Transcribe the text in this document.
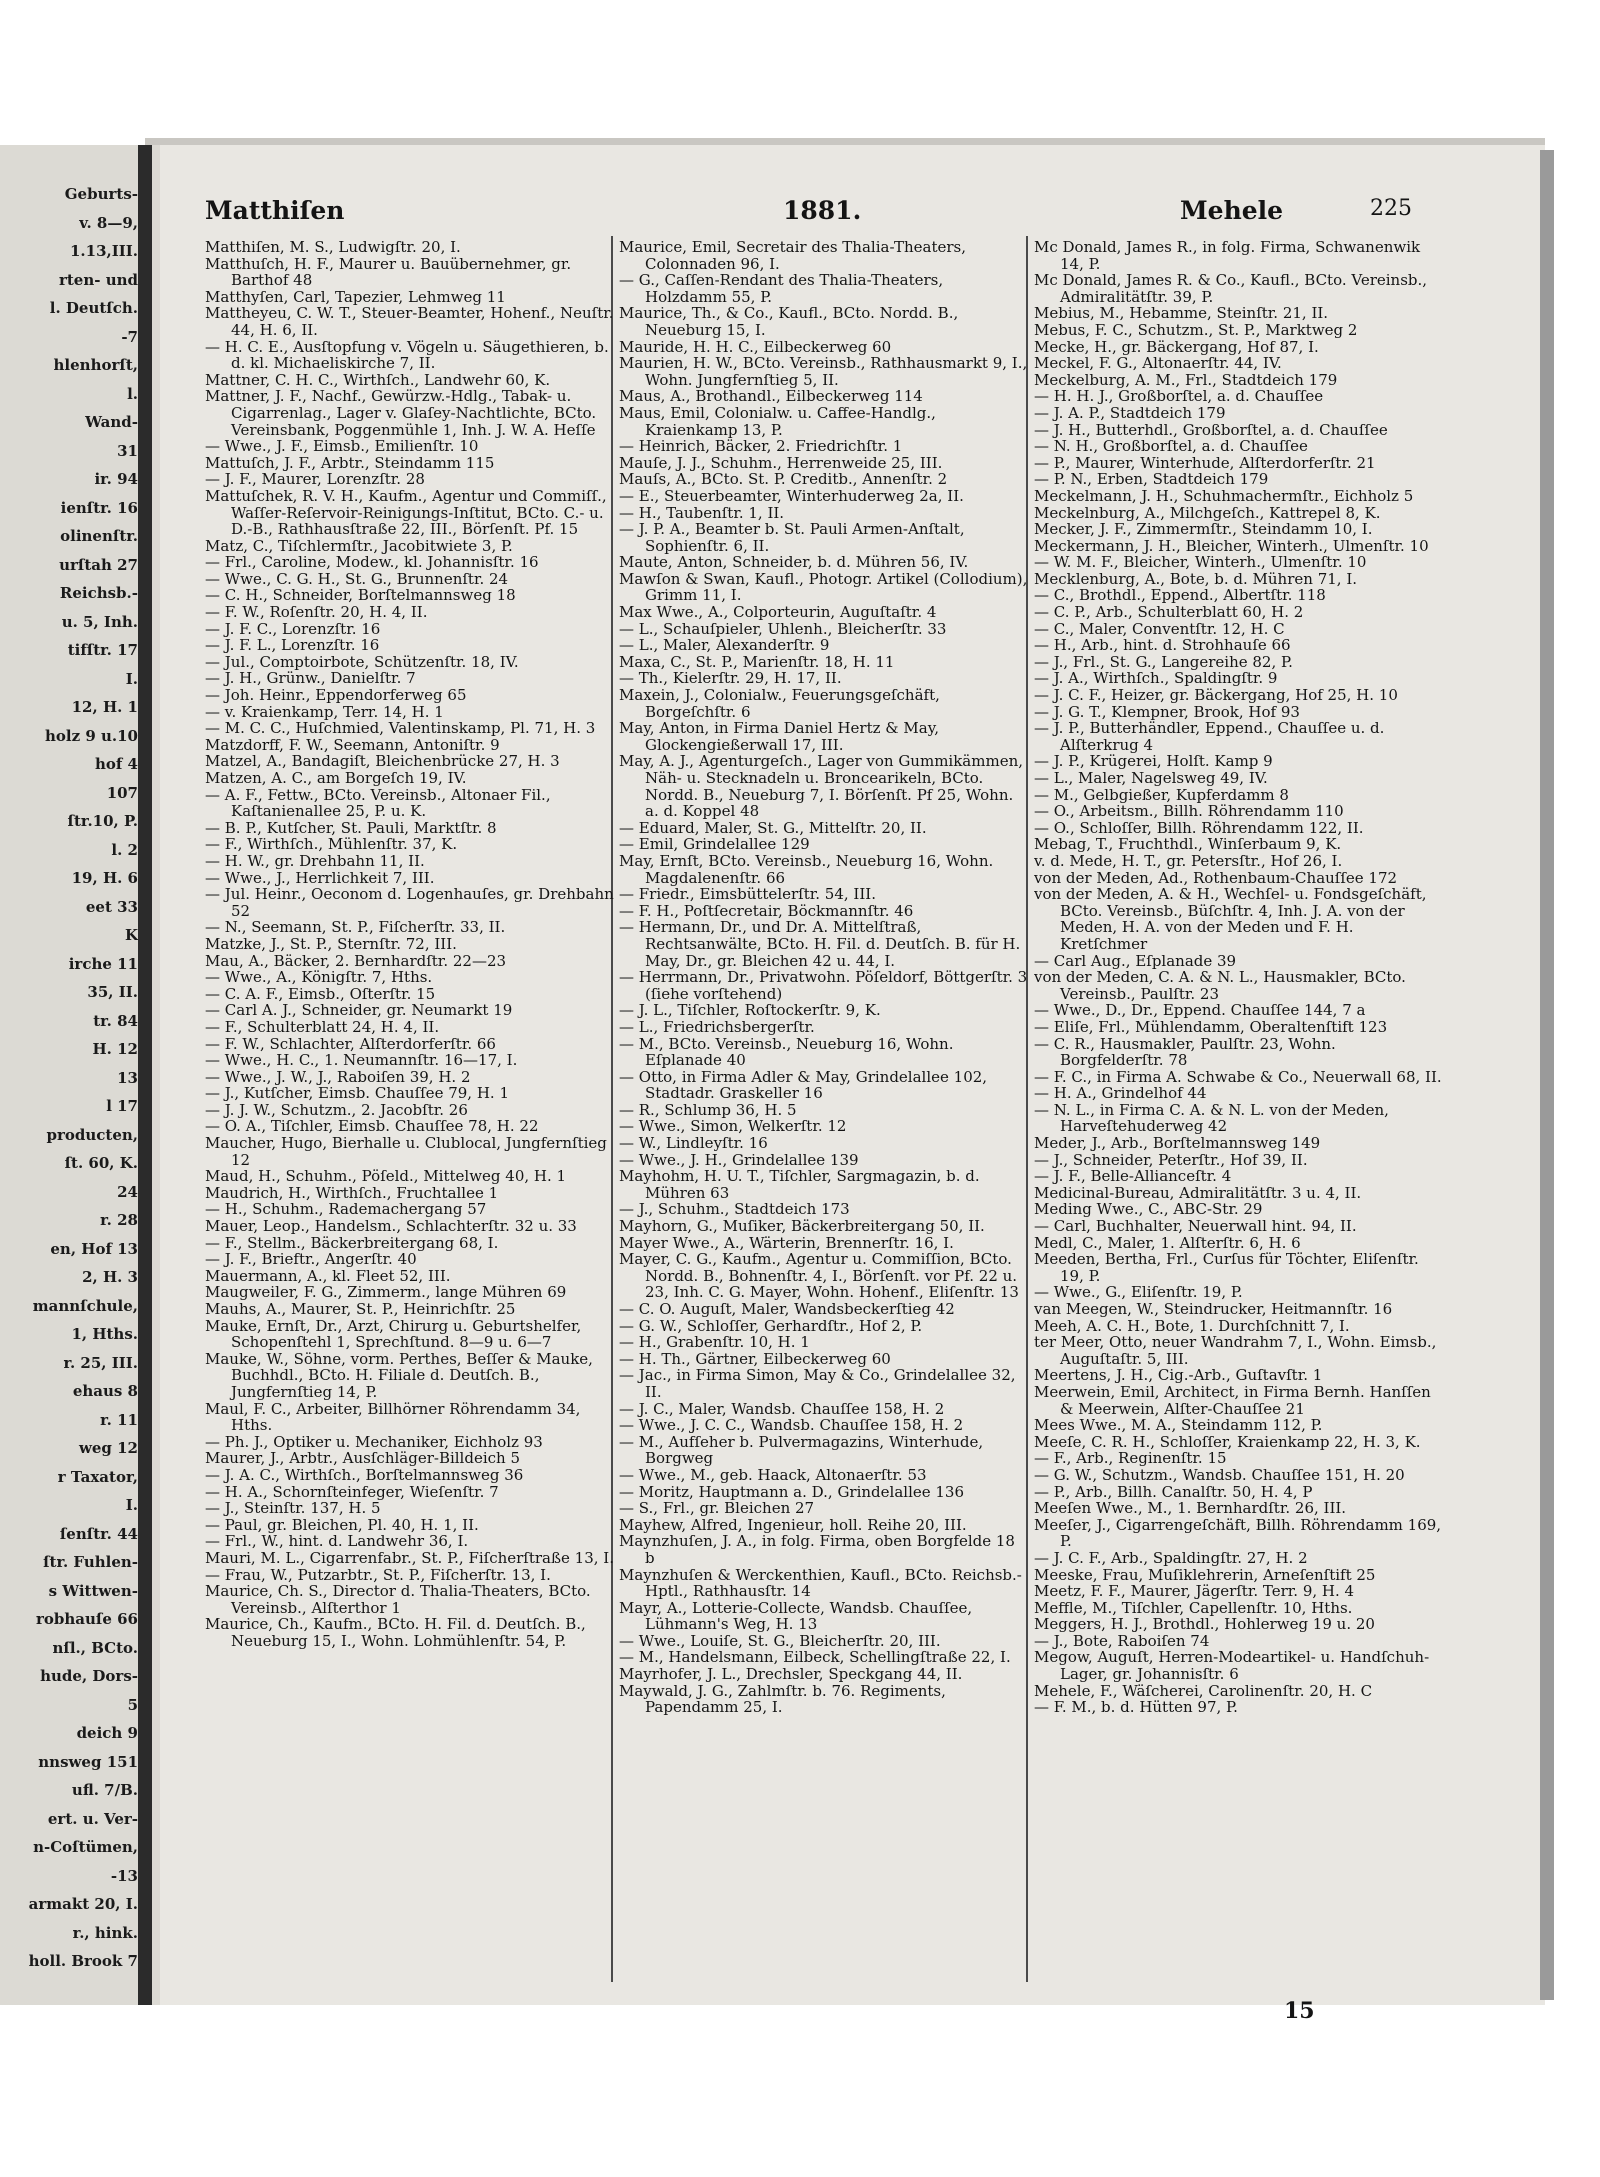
Geburts-
v. 8—9,
1.13,III.
rten- und
l. Deutſch.
-7
hlenhorſt,
l.
Wand-
31
ir. 94
ienſtr. 16
olinenſtr.
urſtah 27
Reichsb.-
u. 5, Inh.
tifſtr. 17
I.
12, H. 1
holz 9 u.10
hof 4
107
ſtr.10, P.
l. 2
19, H. 6
eet 33
K
irche 11
35, II.
tr. 84
H. 12
13
l 17
producten,
ſt. 60, K.
24
r. 28
en, Hof 13
2, H. 3
mannſchule,
1, Hths.
r. 25, III.
ehaus 8
r. 11
weg 12
r Taxator,
I.
ſenſtr. 44
ſtr. Fuhlen-
s Wittwen-
robhauſe 66
nſl., BCto.
hude, Dors-
5
deich 9
nnsweg 151
ufl. 7/B.
ert. u. Ver-
n-Coſtümen,
-13
armakt 20, I.
r., hink.
holl. Brook 7
Matthiſen	1881.	Mehele	225
Matthiſen, M. S., Ludwigſtr. 20, I.
Matthuſch, H. F., Maurer u. Bauübernehmer, gr. Barthof 48
Matthyſen, Carl, Tapezier, Lehmweg 11
Mattheyeu, C. W. T., Steuer-Beamter, Hohenf., Neuſtr. 44, H. 6, II.
— H. C. E., Ausſtopfung v. Vögeln u. Säugethieren, b. d. kl. Michaeliskirche 7, II.
Mattner, C. H. C., Wirthſch., Landwehr 60, K.
Mattner, J. F., Nachf., Gewürzw.-Hdlg., Tabak- u. Cigarrenlag., Lager v. Glaſey-Nachtlichte, BCto. Vereinsbank, Poggenmühle 1, Inh. J. W. A. Heſſe
— Wwe., J. F., Eimsb., Emilienſtr. 10
Mattuſch, J. F., Arbtr., Steindamm 115
— J. F., Maurer, Lorenzſtr. 28
Mattuſchek, R. V. H., Kaufm., Agentur und Commiſſ., Waſſer-Reſervoir-Reinigungs-Inſtitut, BCto. C.- u. D.-B., Rathhausſtraße 22, III., Börſenſt. Pf. 15
Matz, C., Tiſchlermſtr., Jacobitwiete 3, P.
— Frl., Caroline, Modew., kl. Johannisſtr. 16
— Wwe., C. G. H., St. G., Brunnenſtr. 24
— C. H., Schneider, Borſtelmannsweg 18
— F. W., Roſenſtr. 20, H. 4, II.
— J. F. C., Lorenzſtr. 16
— J. F. L., Lorenzſtr. 16
— Jul., Comptoirbote, Schützenſtr. 18, IV.
— J. H., Grünw., Danielſtr. 7
— Joh. Heinr., Eppendorferweg 65
— v. Kraienkamp, Terr. 14, H. 1
— M. C. C., Huſchmied, Valentinskamp, Pl. 71, H. 3
Matzdorff, F. W., Seemann, Antoniſtr. 9
Matzel, A., Bandagiſt, Bleichenbrücke 27, H. 3
Matzen, A. C., am Borgeſch 19, IV.
— A. F., Fettw., BCto. Vereinsb., Altonaer Fil., Kaſtanienallee 25, P. u. K.
— B. P., Kutſcher, St. Pauli, Marktſtr. 8
— F., Wirthſch., Mühlenſtr. 37, K.
— H. W., gr. Drehbahn 11, II.
— Wwe., J., Herrlichkeit 7, III.
— Jul. Heinr., Oeconom d. Logenhauſes, gr. Drehbahn 52
— N., Seemann, St. P., Fiſcherſtr. 33, II.
Matzke, J., St. P., Sternſtr. 72, III.
Mau, A., Bäcker, 2. Bernhardſtr. 22—23
— Wwe., A., Königſtr. 7, Hths.
— C. A. F., Eimsb., Oſterſtr. 15
— Carl A. J., Schneider, gr. Neumarkt 19
— F., Schulterblatt 24, H. 4, II.
— F. W., Schlachter, Alſterdorferſtr. 66
— Wwe., H. C., 1. Neumannſtr. 16—17, I.
— Wwe., J. W., J., Raboiſen 39, H. 2
— J., Kutſcher, Eimsb. Chauſſee 79, H. 1
— J. J. W., Schutzm., 2. Jacobſtr. 26
— O. A., Tiſchler, Eimsb. Chauſſee 78, H. 22
Maucher, Hugo, Bierhalle u. Clublocal, Jungfernſtieg 12
Maud, H., Schuhm., Pöſeld., Mittelweg 40, H. 1
Maudrich, H., Wirthſch., Fruchtallee 1
— H., Schuhm., Rademachergang 57
Mauer, Leop., Handelsm., Schlachterſtr. 32 u. 33
— F., Stellm., Bäckerbreitergang 68, I.
— J. F., Brieftr., Angerſtr. 40
Mauermann, A., kl. Fleet 52, III.
Maugweiler, F. G., Zimmerm., lange Mühren 69
Mauhs, A., Maurer, St. P., Heinrichſtr. 25
Mauke, Ernſt, Dr., Arzt, Chirurg u. Geburtshelfer, Schopenſtehl 1, Sprechſtund. 8—9 u. 6—7
Mauke, W., Söhne, vorm. Perthes, Beſſer & Mauke, Buchhdl., BCto. H. Filiale d. Deutſch. B., Jungfernſtieg 14, P.
Maul, F. C., Arbeiter, Billhörner Röhrendamm 34, Hths.
— Ph. J., Optiker u. Mechaniker, Eichholz 93
Maurer, J., Arbtr., Ausſchläger-Billdeich 5
— J. A. C., Wirthſch., Borſtelmannsweg 36
— H. A., Schornſteinfeger, Wieſenſtr. 7
— J., Steinſtr. 137, H. 5
— Paul, gr. Bleichen, Pl. 40, H. 1, II.
— Frl., W., hint. d. Landwehr 36, I.
Mauri, M. L., Cigarrenfabr., St. P., Fiſcherſtraße 13, I.
— Frau, W., Putzarbtr., St. P., Fiſcherſtr. 13, I.
Maurice, Ch. S., Director d. Thalia-Theaters, BCto. Vereinsb., Alſterthor 1
Maurice, Ch., Kaufm., BCto. H. Fil. d. Deutſch. B., Neueburg 15, I., Wohn. Lohmühlenſtr. 54, P.
Maurice, Emil, Secretair des Thalia-Theaters, Colonnaden 96, I.
— G., Caſſen-Rendant des Thalia-Theaters, Holzdamm 55, P.
Maurice, Th., & Co., Kaufl., BCto. Nordd. B., Neueburg 15, I.
Mauride, H. H. C., Eilbeckerweg 60
Maurien, H. W., BCto. Vereinsb., Rathhausmarkt 9, I., Wohn. Jungfernſtieg 5, II.
Maus, A., Brothandl., Eilbeckerweg 114
Maus, Emil, Colonialw. u. Caffee-Handlg., Kraienkamp 13, P.
— Heinrich, Bäcker, 2. Friedrichſtr. 1
Mauſe, J. J., Schuhm., Herrenweide 25, III.
Mauſs, A., BCto. St. P. Creditb., Annenſtr. 2
— E., Steuerbeamter, Winterhuderweg 2a, II.
— H., Taubenſtr. 1, II.
— J. P. A., Beamter b. St. Pauli Armen-Anſtalt, Sophienſtr. 6, II.
Maute, Anton, Schneider, b. d. Mühren 56, IV.
Mawſon & Swan, Kaufl., Photogr. Artikel (Collodium), Grimm 11, I.
Max Wwe., A., Colporteurin, Auguſtaſtr. 4
— L., Schauſpieler, Uhlenh., Bleicherſtr. 33
— L., Maler, Alexanderſtr. 9
Maxa, C., St. P., Marienſtr. 18, H. 11
— Th., Kielerſtr. 29, H. 17, II.
Maxein, J., Colonialw., Feuerungsgeſchäft, Borgeſchſtr. 6
May, Anton, in Firma Daniel Hertz & May, Glockengießerwall 17, III.
May, A. J., Agenturgeſch., Lager von Gummikämmen, Näh- u. Stecknadeln u. Broncearikeln, BCto. Nordd. B., Neueburg 7, I. Börſenſt. Pf 25, Wohn. a. d. Koppel 48
— Eduard, Maler, St. G., Mittelſtr. 20, II.
— Emil, Grindelallee 129
May, Ernſt, BCto. Vereinsb., Neueburg 16, Wohn. Magdalenenſtr. 66
— Friedr., Eimsbüttelerſtr. 54, III.
— F. H., Poſtſecretair, Böckmannſtr. 46
— Hermann, Dr., und Dr. A. Mittelſtraß, Rechtsanwälte, BCto. H. Fil. d. Deutſch. B. für H. May, Dr., gr. Bleichen 42 u. 44, I.
— Herrmann, Dr., Privatwohn. Pöſeldorf, Böttgerſtr. 3 (ſiehe vorſtehend)
— J. L., Tiſchler, Roſtockerſtr. 9, K.
— L., Friedrichsbergerſtr.
— M., BCto. Vereinsb., Neueburg 16, Wohn. Eſplanade 40
— Otto, in Firma Adler & May, Grindelallee 102, Stadtadr. Graskeller 16
— R., Schlump 36, H. 5
— Wwe., Simon, Welkerſtr. 12
— W., Lindleyſtr. 16
— Wwe., J. H., Grindelallee 139
Mayhohm, H. U. T., Tiſchler, Sargmagazin, b. d. Mühren 63
— J., Schuhm., Stadtdeich 173
Mayhorn, G., Muſiker, Bäckerbreitergang 50, II.
Mayer Wwe., A., Wärterin, Brennerſtr. 16, I.
Mayer, C. G., Kaufm., Agentur u. Commiſſion, BCto. Nordd. B., Bohnenſtr. 4, I., Börſenſt. vor Pf. 22 u. 23, Inh. C. G. Mayer, Wohn. Hohenf., Eliſenſtr. 13
— C. O. Auguſt, Maler, Wandsbeckerſtieg 42
— G. W., Schloſſer, Gerhardſtr., Hof 2, P.
— H., Grabenſtr. 10, H. 1
— H. Th., Gärtner, Eilbeckerweg 60
— Jac., in Firma Simon, May & Co., Grindelallee 32, II.
— J. C., Maler, Wandsb. Chauſſee 158, H. 2
— Wwe., J. C. C., Wandsb. Chauſſee 158, H. 2
— M., Aufſeher b. Pulvermagazins, Winterhude, Borgweg
— Wwe., M., geb. Haack, Altonaerſtr. 53
— Moritz, Hauptmann a. D., Grindelallee 136
— S., Frl., gr. Bleichen 27
Mayhew, Alfred, Ingenieur, holl. Reihe 20, III.
Maynzhuſen, J. A., in folg. Firma, oben Borgfelde 18 b
Maynzhuſen & Werckenthien, Kaufl., BCto. Reichsb.-Hptl., Rathhausſtr. 14
Mayr, A., Lotterie-Collecte, Wandsb. Chauſſee, Lühmann's Weg, H. 13
— Wwe., Louiſe, St. G., Bleicherſtr. 20, III.
— M., Handelsmann, Eilbeck, Schellingſtraße 22, I.
Mayrhofer, J. L., Drechsler, Speckgang 44, II.
Maywald, J. G., Zahlmſtr. b. 76. Regiments, Papendamm 25, I.
Mc Donald, James R., in folg. Firma, Schwanenwik 14, P.
Mc Donald, James R. & Co., Kaufl., BCto. Vereinsb., Admiralitätſtr. 39, P.
Mebius, M., Hebamme, Steinſtr. 21, II.
Mebus, F. C., Schutzm., St. P., Marktweg 2
Mecke, H., gr. Bäckergang, Hof 87, I.
Meckel, F. G., Altonaerſtr. 44, IV.
Meckelburg, A. M., Frl., Stadtdeich 179
— H. H. J., Großborſtel, a. d. Chauſſee
— J. A. P., Stadtdeich 179
— J. H., Butterhdl., Großborſtel, a. d. Chauſſee
— N. H., Großborſtel, a. d. Chauſſee
— P., Maurer, Winterhude, Alſterdorferſtr. 21
— P. N., Erben, Stadtdeich 179
Meckelmann, J. H., Schuhmachermſtr., Eichholz 5
Meckelnburg, A., Milchgeſch., Kattrepel 8, K.
Mecker, J. F., Zimmermſtr., Steindamm 10, I.
Meckermann, J. H., Bleicher, Winterh., Ulmenſtr. 10
— W. M. F., Bleicher, Winterh., Ulmenſtr. 10
Mecklenburg, A., Bote, b. d. Mühren 71, I.
— C., Brothdl., Eppend., Albertſtr. 118
— C. P., Arb., Schulterblatt 60, H. 2
— C., Maler, Conventſtr. 12, H. C
— H., Arb., hint. d. Strohhauſe 66
— J., Frl., St. G., Langereihe 82, P.
— J. A., Wirthſch., Spaldingſtr. 9
— J. C. F., Heizer, gr. Bäckergang, Hof 25, H. 10
— J. G. T., Klempner, Brook, Hof 93
— J. P., Butterhändler, Eppend., Chauſſee u. d. Alſterkrug 4
— J. P., Krügerei, Holſt. Kamp 9
— L., Maler, Nagelsweg 49, IV.
— M., Gelbgießer, Kupferdamm 8
— O., Arbeitsm., Billh. Röhrendamm 110
— O., Schloſſer, Billh. Röhrendamm 122, II.
Mebag, T., Fruchthdl., Winſerbaum 9, K.
v. d. Mede, H. T., gr. Petersſtr., Hof 26, I.
von der Meden, Ad., Rothenbaum-Chauſſee 172
von der Meden, A. & H., Wechſel- u. Fondsgeſchäft, BCto. Vereinsb., Büſchſtr. 4, Inh. J. A. von der Meden, H. A. von der Meden und F. H. Kretſchmer
— Carl Aug., Eſplanade 39
von der Meden, C. A. & N. L., Hausmakler, BCto. Vereinsb., Paulſtr. 23
— Wwe., D., Dr., Eppend. Chauſſee 144, 7 a
— Eliſe, Frl., Mühlendamm, Oberaltenſtift 123
— C. R., Hausmakler, Paulſtr. 23, Wohn. Borgfelderſtr. 78
— F. C., in Firma A. Schwabe & Co., Neuerwall 68, II.
— H. A., Grindelhof 44
— N. L., in Firma C. A. & N. L. von der Meden, Harveſtehuderweg 42
Meder, J., Arb., Borſtelmannsweg 149
— J., Schneider, Peterſtr., Hof 39, II.
— J. F., Belle-Allianceſtr. 4
Medicinal-Bureau, Admiralitätſtr. 3 u. 4, II.
Meding Wwe., C., ABC-Str. 29
— Carl, Buchhalter, Neuerwall hint. 94, II.
Medl, C., Maler, 1. Alſterſtr. 6, H. 6
Meeden, Bertha, Frl., Curſus für Töchter, Eliſenſtr. 19, P.
— Wwe., G., Eliſenſtr. 19, P.
van Meegen, W., Steindrucker, Heitmannſtr. 16
Meeh, A. C. H., Bote, 1. Durchſchnitt 7, I.
ter Meer, Otto, neuer Wandrahm 7, I., Wohn. Eimsb., Auguſtaſtr. 5, III.
Meertens, J. H., Cig.-Arb., Guſtavſtr. 1
Meerwein, Emil, Architect, in Firma Bernh. Hanſſen & Meerwein, Alſter-Chauſſee 21
Mees Wwe., M. A., Steindamm 112, P.
Meeſe, C. R. H., Schloſſer, Kraienkamp 22, H. 3, K.
— F., Arb., Reginenſtr. 15
— G. W., Schutzm., Wandsb. Chauſſee 151, H. 20
— P., Arb., Billh. Canalſtr. 50, H. 4, P
Meeſen Wwe., M., 1. Bernhardſtr. 26, III.
Meeſer, J., Cigarrengeſchäft, Billh. Röhrendamm 169, P.
— J. C. F., Arb., Spaldingſtr. 27, H. 2
Meeske, Frau, Muſiklehrerin, Arneſenſtift 25
Meetz, F. F., Maurer, Jägerſtr. Terr. 9, H. 4
Meffle, M., Tiſchler, Capellenſtr. 10, Hths.
Meggers, H. J., Brothdl., Hohlerweg 19 u. 20
— J., Bote, Raboiſen 74
Megow, Auguſt, Herren-Modeartikel- u. Handſchuh-Lager, gr. Johannisſtr. 6
Mehele, F., Wäſcherei, Carolinenſtr. 20, H. C
— F. M., b. d. Hütten 97, P.
15
